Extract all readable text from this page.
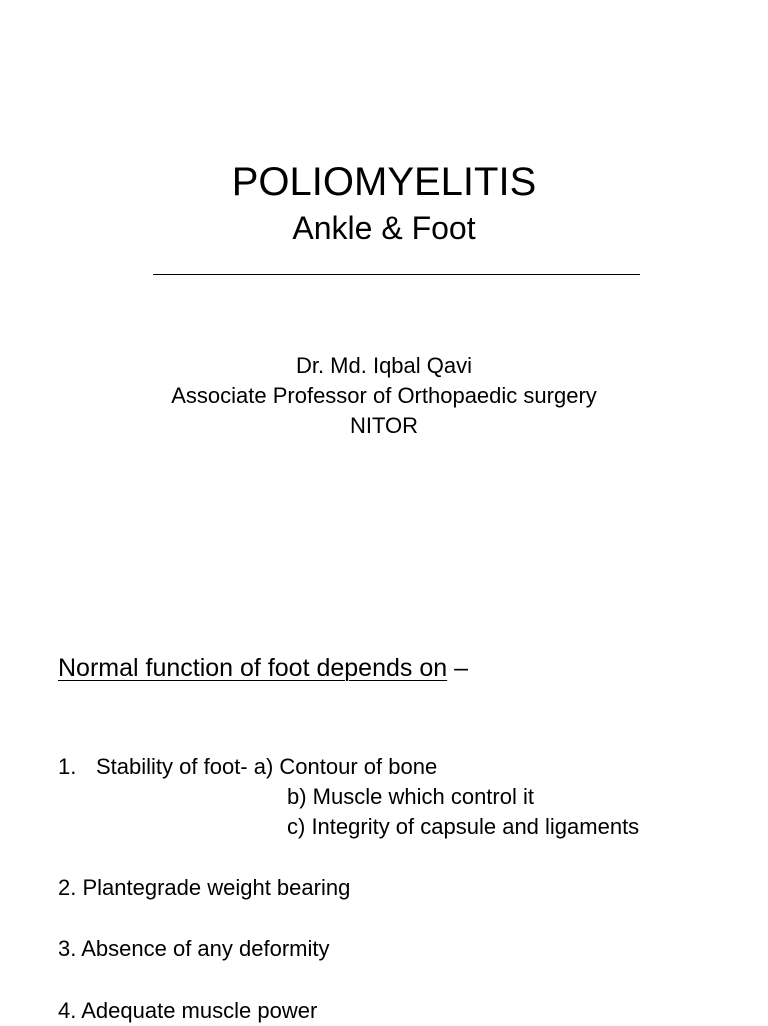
POLIOMYELITIS
Ankle & Foot
Dr. Md. Iqbal Qavi
Associate Professor of Orthopaedic surgery
NITOR
Normal function of foot depends on –
1. Stability of foot- a) Contour of bone
b) Muscle which control it
c) Integrity of capsule and ligaments
2. Plantegrade weight bearing
3. Absence of any deformity
4. Adequate muscle power
